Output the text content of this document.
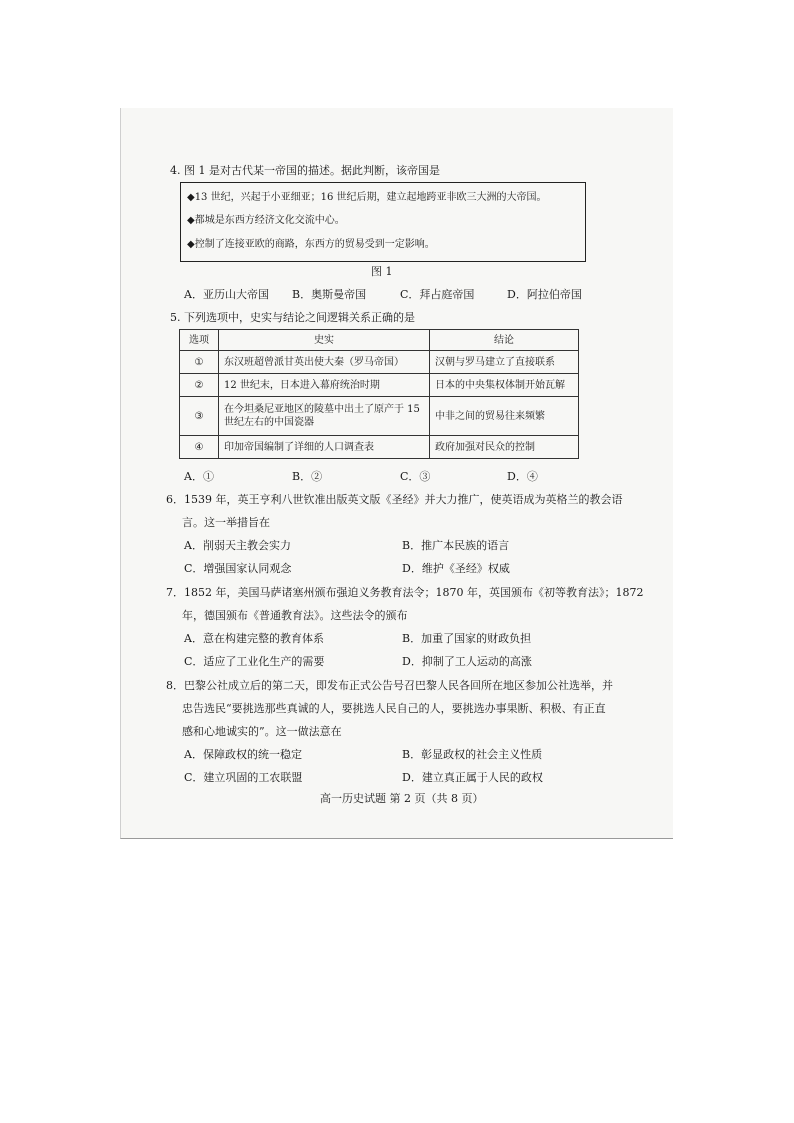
4. 图 1 是对古代某一帝国的描述。据此判断，该帝国是
◆13 世纪，兴起于小亚细亚；16 世纪后期，建立起地跨亚非欧三大洲的大帝国。
◆都城是东西方经济文化交流中心。
◆控制了连接亚欧的商路，东西方的贸易受到一定影响。
图 1
A．亚历山大帝国 B．奥斯曼帝国	C．拜占庭帝国	D．阿拉伯帝国
5. 下列选项中，史实与结论之间逻辑关系正确的是
选项	史实	结论
①	东汉班超曾派甘英出使大秦（罗马帝国）	汉朝与罗马建立了直接联系
②	12 世纪末，日本进入幕府统治时期	日本的中央集权体制开始瓦解
③	在今坦桑尼亚地区的陵墓中出土了原产于 15 世纪左右的中国瓷器	中非之间的贸易往来频繁
④	印加帝国编制了详细的人口调查表	政府加强对民众的控制
A．①	B．②	C．③	D．④
6．1539 年，英王亨利八世钦准出版英文版《圣经》并大力推广，使英语成为英格兰的教会语
言。这一举措旨在
A．削弱天主教会实力	B．推广本民族的语言
C．增强国家认同观念	D．维护《圣经》权威
7．1852 年，美国马萨诸塞州颁布强迫义务教育法令；1870 年，英国颁布《初等教育法》；1872
年，德国颁布《普通教育法》。这些法令的颁布
A．意在构建完整的教育体系	B．加重了国家的财政负担
C．适应了工业化生产的需要	D．抑制了工人运动的高涨
8．巴黎公社成立后的第二天，即发布正式公告号召巴黎人民各回所在地区参加公社选举，并
忠告选民“要挑选那些真诚的人，要挑选人民自己的人，要挑选办事果断、积极、有正直
感和心地诚实的”。这一做法意在
A．保障政权的统一稳定	B．彰显政权的社会主义性质
C．建立巩固的工农联盟	D．建立真正属于人民的政权
高一历史试题 第 2 页（共 8 页）
